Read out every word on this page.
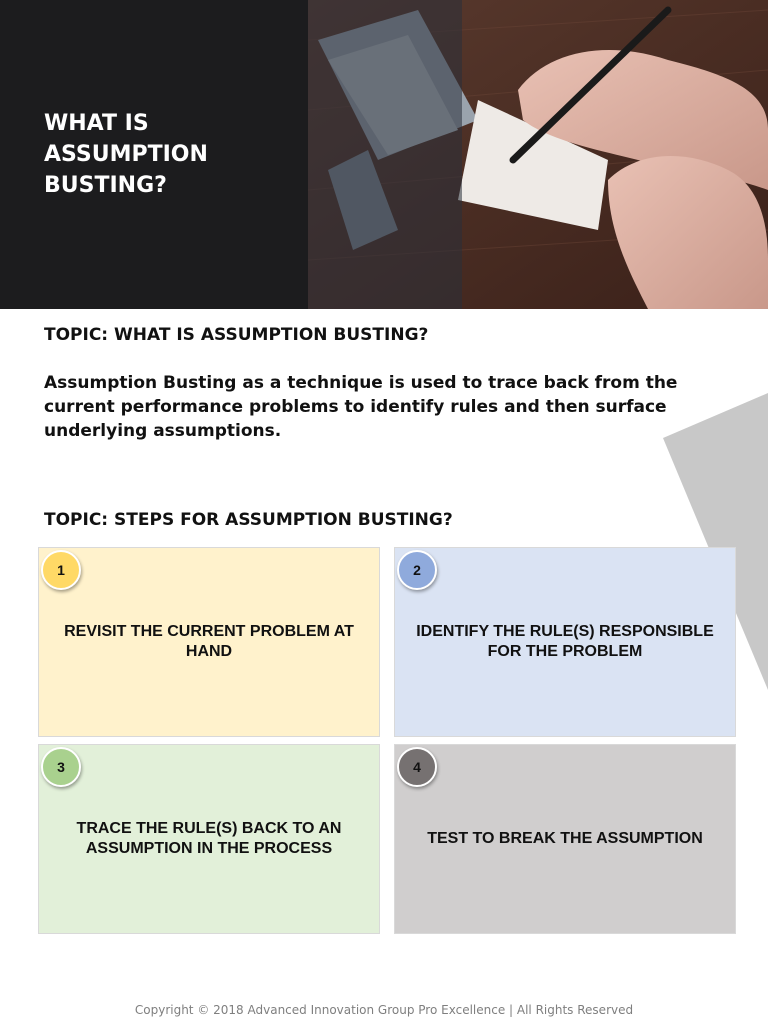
WHAT IS
ASSUMPTION
BUSTING?
TOPIC: WHAT IS ASSUMPTION BUSTING?

Assumption Busting as a technique is used to trace back from the current performance problems to identify rules and then surface underlying assumptions.

TOPIC: STEPS FOR ASSUMPTION BUSTING?
1
REVISIT THE CURRENT PROBLEM AT HAND
2
IDENTIFY THE RULE(S) RESPONSIBLE FOR THE PROBLEM
3
TRACE THE RULE(S) BACK TO AN ASSUMPTION IN THE PROCESS
4
TEST TO BREAK THE ASSUMPTION
Copyright © 2018 Advanced Innovation Group Pro Excellence | All Rights Reserved
